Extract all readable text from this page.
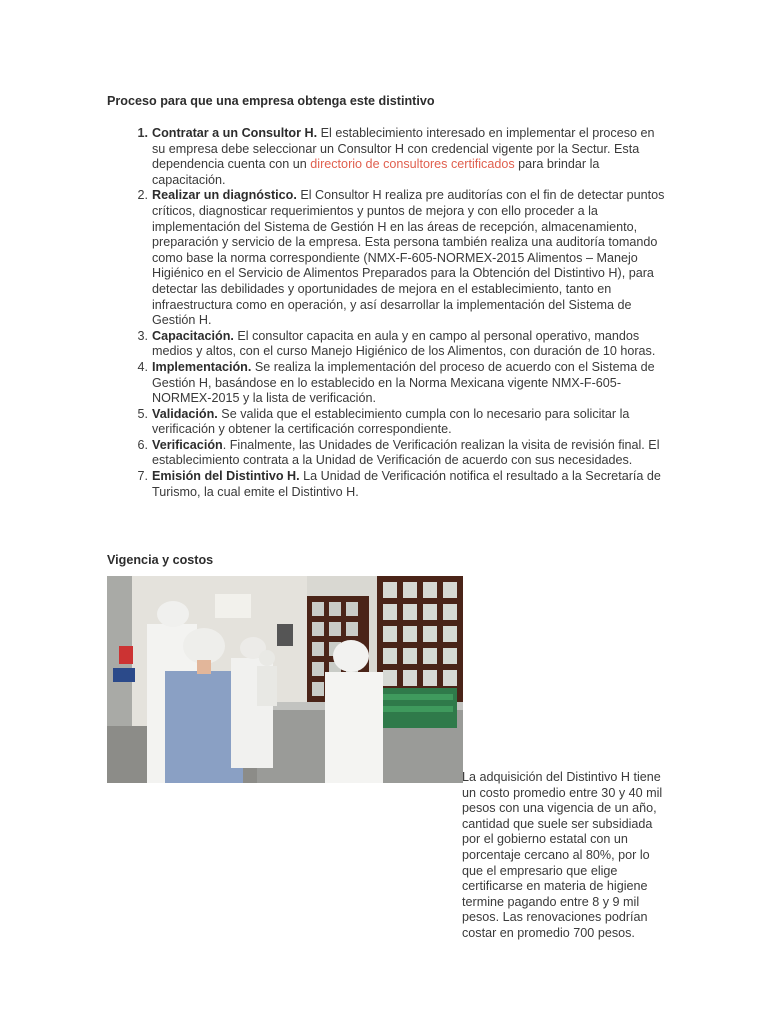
Proceso para que una empresa obtenga este distintivo
1. Contratar a un Consultor H. El establecimiento interesado en implementar el proceso en su empresa debe seleccionar un Consultor H con credencial vigente por la Sectur. Esta dependencia cuenta con un directorio de consultores certificados para brindar la capacitación.
2. Realizar un diagnóstico. El Consultor H realiza pre auditorías con el fin de detectar puntos críticos, diagnosticar requerimientos y puntos de mejora y con ello proceder a la implementación del Sistema de Gestión H en las áreas de recepción, almacenamiento, preparación y servicio de la empresa. Esta persona también realiza una auditoría tomando como base la norma correspondiente (NMX-F-605-NORMEX-2015 Alimentos – Manejo Higiénico en el Servicio de Alimentos Preparados para la Obtención del Distintivo H), para detectar las debilidades y oportunidades de mejora en el establecimiento, tanto en infraestructura como en operación, y así desarrollar la implementación del Sistema de Gestión H.
3. Capacitación. El consultor capacita en aula y en campo al personal operativo, mandos medios y altos, con el curso Manejo Higiénico de los Alimentos, con duración de 10 horas.
4. Implementación. Se realiza la implementación del proceso de acuerdo con el Sistema de Gestión H, basándose en lo establecido en la Norma Mexicana vigente NMX-F-605-NORMEX-2015 y la lista de verificación.
5. Validación. Se valida que el establecimiento cumpla con lo necesario para solicitar la verificación y obtener la certificación correspondiente.
6. Verificación. Finalmente, las Unidades de Verificación realizan la visita de revisión final. El establecimiento contrata a la Unidad de Verificación de acuerdo con sus necesidades.
7. Emisión del Distintivo H. La Unidad de Verificación notifica el resultado a la Secretaría de Turismo, la cual emite el Distintivo H.
Vigencia y costos
La adquisición del Distintivo H tiene un costo promedio entre 30 y 40 mil pesos con una vigencia de un año, cantidad que suele ser subsidiada por el gobierno estatal con un porcentaje cercano al 80%, por lo que el empresario que elige certificarse en materia de higiene termine pagando entre 8 y 9 mil pesos. Las renovaciones podrían costar en promedio 700 pesos.
